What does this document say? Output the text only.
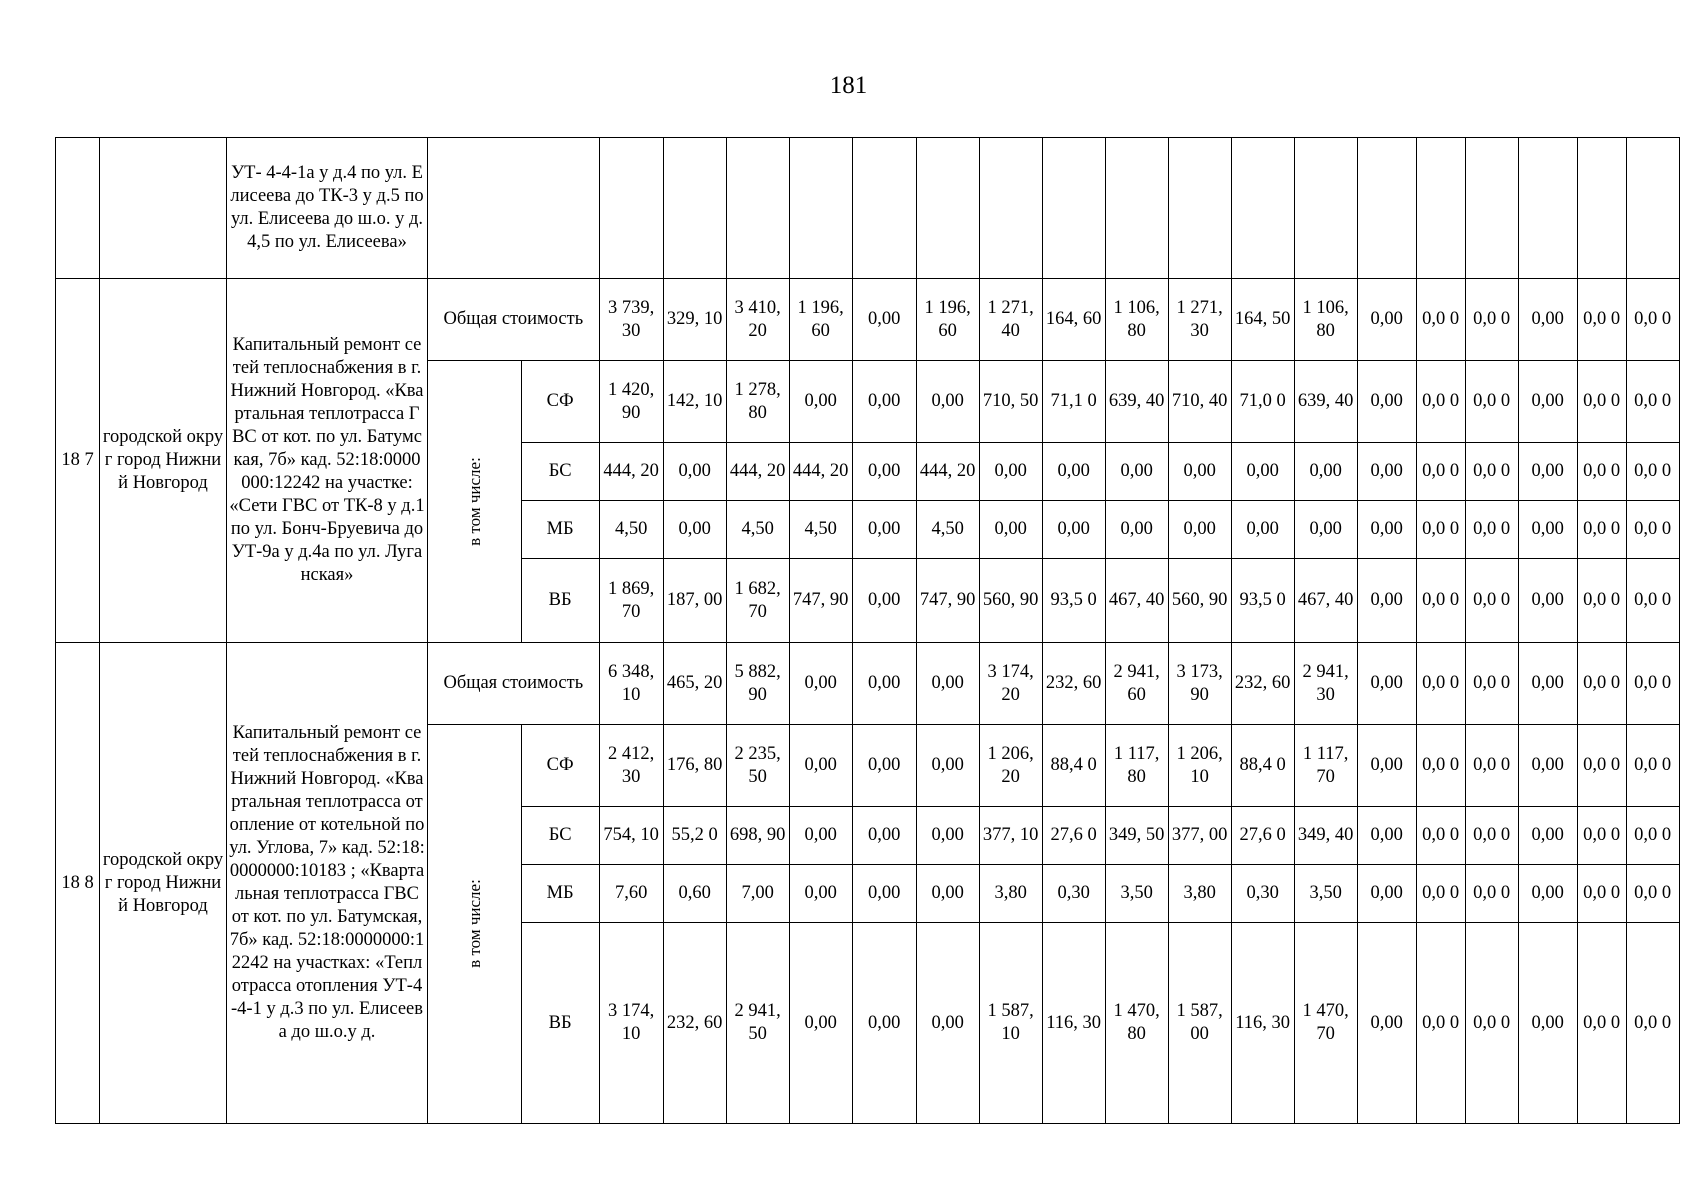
181
		УТ- 4-4-1а у д.4 по ул. Елисеева до ТК-3 у д.5 по ул. Елисеева до ш.о. у д. 4,5 по ул. Елисеева»																				
18 7	городской округ город Нижний Новгород	Капитальный ремонт сетей теплоснабжения в г.Нижний Новгород. «Квартальная теплотрасса ГВС от кот. по ул. Батумская, 7б» кад. 52:18:0000000:12242 на участке: «Сети ГВС от ТК-8 у д.1 по ул. Бонч-Бруевича до УТ-9а у д.4а по ул. Луганская»	Общая стоимость		3 739, 30	329, 10	3 410, 20	1 196, 60	0,00	1 196, 60	1 271, 40	164, 60	1 106, 80	1 271, 30	164, 50	1 106, 80	0,00	0,0 0	0,0 0	0,00	0,0 0	0,0 0
			в том числе:	СФ	1 420, 90	142, 10	1 278, 80	0,00	0,00	0,00	710, 50	71,1 0	639, 40	710, 40	71,0 0	639, 40	0,00	0,0 0	0,0 0	0,00	0,0 0	0,0 0
				БС	444, 20	0,00	444, 20	444, 20	0,00	444, 20	0,00	0,00	0,00	0,00	0,00	0,00	0,00	0,0 0	0,0 0	0,00	0,0 0	0,0 0
				МБ	4,50	0,00	4,50	4,50	0,00	4,50	0,00	0,00	0,00	0,00	0,00	0,00	0,00	0,0 0	0,0 0	0,00	0,0 0	0,0 0
				ВБ	1 869, 70	187, 00	1 682, 70	747, 90	0,00	747, 90	560, 90	93,5 0	467, 40	560, 90	93,5 0	467, 40	0,00	0,0 0	0,0 0	0,00	0,0 0	0,0 0
18 8	городской округ город Нижний Новгород	Капитальный ремонт сетей теплоснабжения в г.Нижний Новгород. «Квартальная теплотрасса отопление от котельной по ул. Углова, 7» кад. 52:18:0000000:10183 ; «Квартальная теплотрасса ГВС от кот. по ул. Батумская, 7б» кад. 52:18:0000000:12242 на участках: «Теплотрасса отопления УТ-4-4-1 у д.3 по ул. Елисеева до ш.о.у д.	Общая стоимость		6 348, 10	465, 20	5 882, 90	0,00	0,00	0,00	3 174, 20	232, 60	2 941, 60	3 173, 90	232, 60	2 941, 30	0,00	0,0 0	0,0 0	0,00	0,0 0	0,0 0
			в том числе:	СФ	2 412, 30	176, 80	2 235, 50	0,00	0,00	0,00	1 206, 20	88,4 0	1 117, 80	1 206, 10	88,4 0	1 117, 70	0,00	0,0 0	0,0 0	0,00	0,0 0	0,0 0
				БС	754, 10	55,2 0	698, 90	0,00	0,00	0,00	377, 10	27,6 0	349, 50	377, 00	27,6 0	349, 40	0,00	0,0 0	0,0 0	0,00	0,0 0	0,0 0
				МБ	7,60	0,60	7,00	0,00	0,00	0,00	3,80	0,30	3,50	3,80	0,30	3,50	0,00	0,0 0	0,0 0	0,00	0,0 0	0,0 0
				ВБ	3 174, 10	232, 60	2 941, 50	0,00	0,00	0,00	1 587, 10	116, 30	1 470, 80	1 587, 00	116, 30	1 470, 70	0,00	0,0 0	0,0 0	0,00	0,0 0	0,0 0
